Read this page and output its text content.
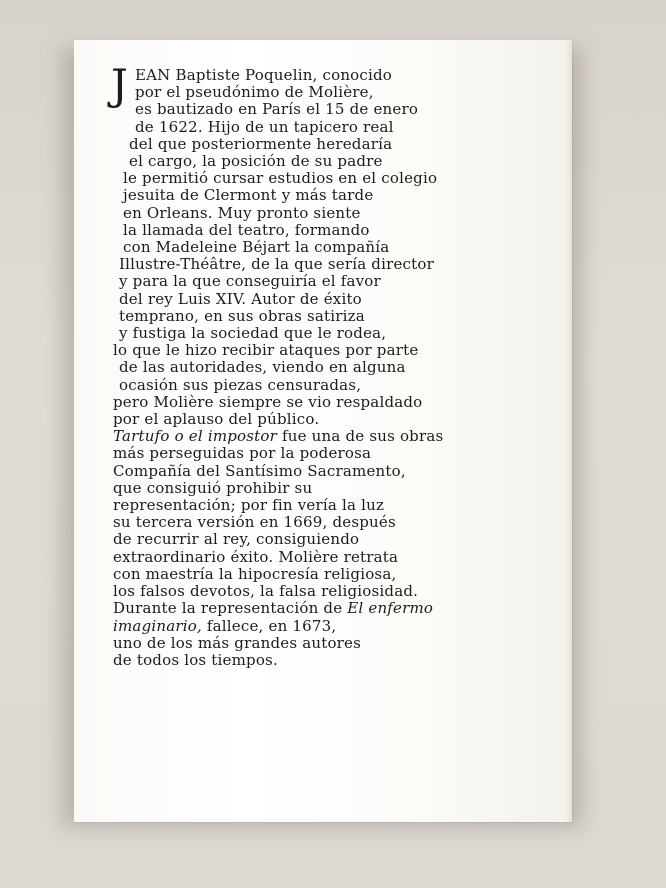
J EAN Baptiste Poquelin, conocido
por el pseudónimo de Molière,
es bautizado en París el 15 de enero
de 1622. Hijo de un tapicero real
del que posteriormente heredaría
el cargo, la posición de su padre
le permitió cursar estudios en el colegio
jesuita de Clermont y más tarde
en Orleans. Muy pronto siente
la llamada del teatro, formando
con Madeleine Béjart la compañía
Illustre-Théâtre, de la que sería director
y para la que conseguiría el favor
del rey Luis XIV. Autor de éxito
temprano, en sus obras satiriza
y fustiga la sociedad que le rodea,
lo que le hizo recibir ataques por parte
de las autoridades, viendo en alguna
ocasión sus piezas censuradas,
pero Molière siempre se vio respaldado
por el aplauso del público.
Tartufo o el impostor fue una de sus obras
más perseguidas por la poderosa
Compañía del Santísimo Sacramento,
que consiguió prohibir su
representación; por fin vería la luz
su tercera versión en 1669, después
de recurrir al rey, consiguiendo
extraordinario éxito. Molière retrata
con maestría la hipocresía religiosa,
los falsos devotos, la falsa religiosidad.
Durante la representación de El enfermo
imaginario, fallece, en 1673,
uno de los más grandes autores
de todos los tiempos.
